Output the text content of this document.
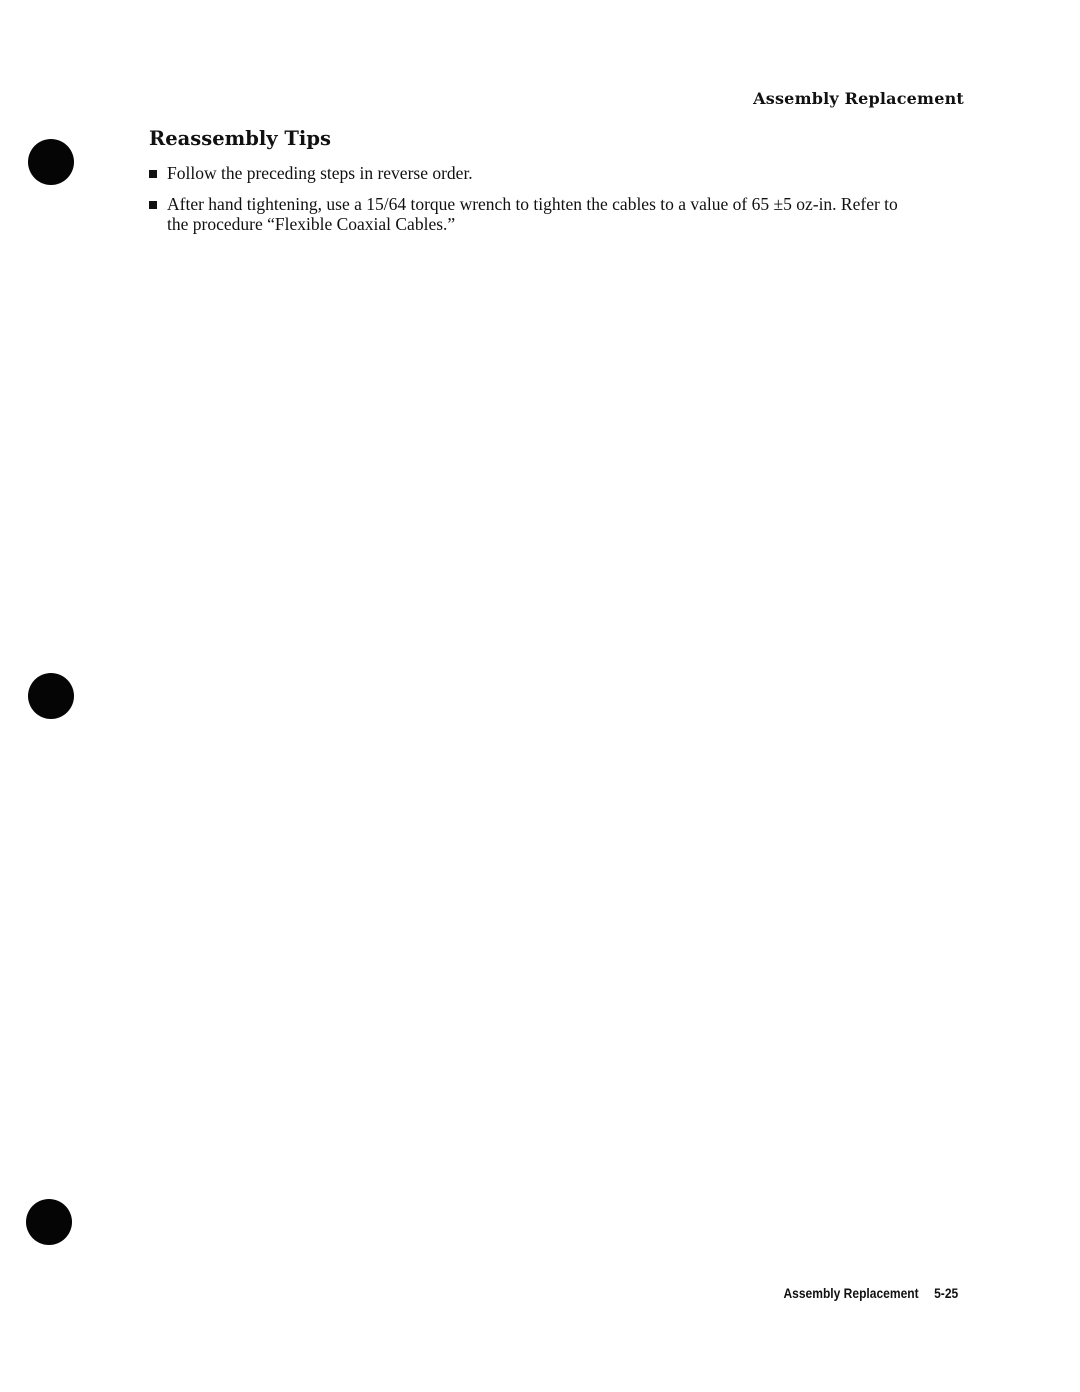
Assembly Replacement
Reassembly Tips
Follow the preceding steps in reverse order.
After hand tightening, use a 15/64 torque wrench to tighten the cables to a value of 65 ±5 oz-in. Refer to the procedure “Flexible Coaxial Cables.”
Assembly Replacement 5-25
